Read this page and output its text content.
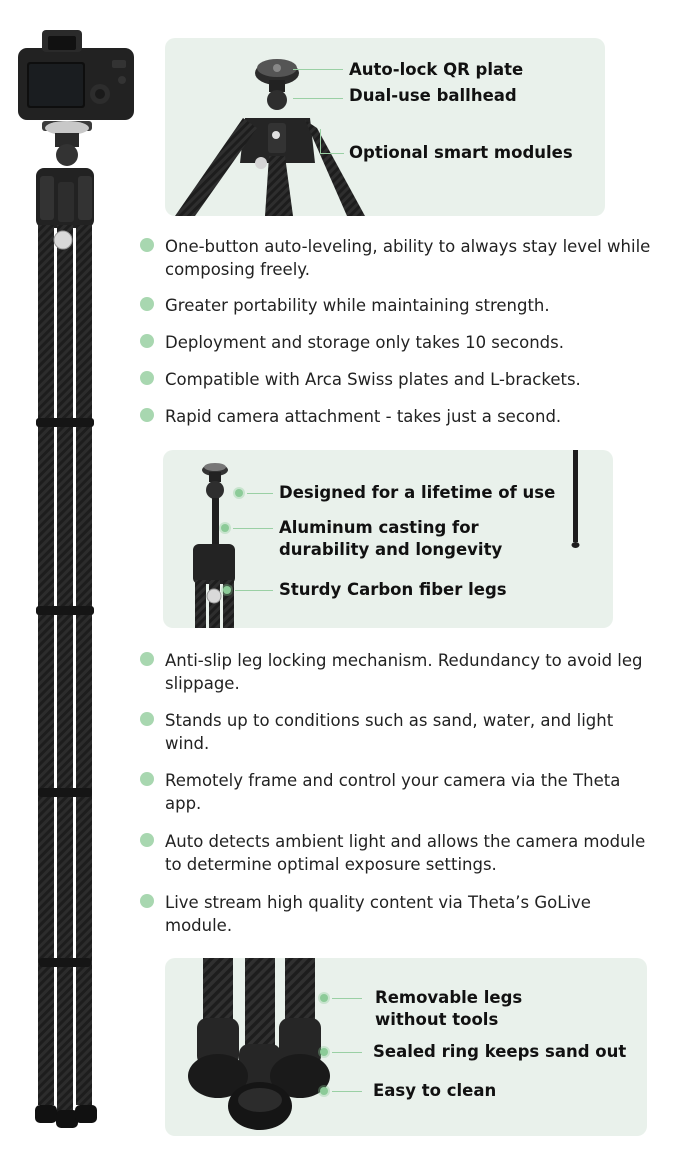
Auto-lock QR plate
Dual-use ballhead
Optional smart modules
One-button auto-leveling, ability to always stay level while composing freely.
Greater portability while maintaining strength.
Deployment and storage only takes 10 seconds.
Compatible with Arca Swiss plates and L-brackets.
Rapid camera attachment - takes just a second.
Designed for a lifetime of use
Aluminum casting for durability and longevity
Sturdy Carbon fiber legs
Anti-slip leg locking mechanism. Redundancy to avoid leg slippage.
Stands up to conditions such as sand, water, and light wind.
Remotely frame and control your camera via the Theta app.
Auto detects ambient light and allows the camera module to determine optimal exposure settings.
Live stream high quality content via Theta’s GoLive module.
Removable legs without tools
Sealed ring keeps sand out
Easy to clean
